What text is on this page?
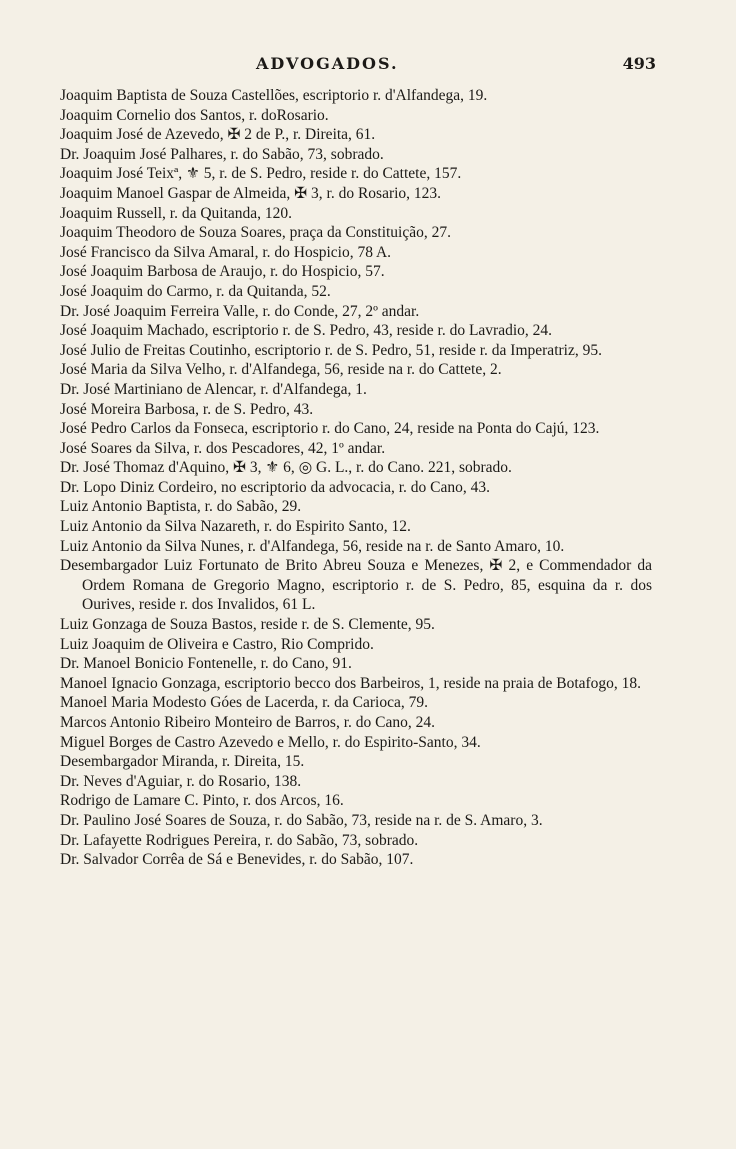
ADVOGADOS.	493
Joaquim Baptista de Souza Castellões, escriptorio r. d'Alfandega, 19.
Joaquim Cornelio dos Santos, r. doRosario.
Joaquim José de Azevedo, ✠ 2 de P., r. Direita, 61.
Dr. Joaquim José Palhares, r. do Sabão, 73, sobrado.
Joaquim José Teixª, ⚜ 5, r. de S. Pedro, reside r. do Cattete, 157.
Joaquim Manoel Gaspar de Almeida, ✠ 3, r. do Rosario, 123.
Joaquim Russell, r. da Quitanda, 120.
Joaquim Theodoro de Souza Soares, praça da Constituição, 27.
José Francisco da Silva Amaral, r. do Hospicio, 78 A.
José Joaquim Barbosa de Araujo, r. do Hospicio, 57.
José Joaquim do Carmo, r. da Quitanda, 52.
Dr. José Joaquim Ferreira Valle, r. do Conde, 27, 2º andar.
José Joaquim Machado, escriptorio r. de S. Pedro, 43, reside r. do Lavradio, 24.
José Julio de Freitas Coutinho, escriptorio r. de S. Pedro, 51, reside r. da Imperatriz, 95.
José Maria da Silva Velho, r. d'Alfandega, 56, reside na r. do Cattete, 2.
Dr. José Martiniano de Alencar, r. d'Alfandega, 1.
José Moreira Barbosa, r. de S. Pedro, 43.
José Pedro Carlos da Fonseca, escriptorio r. do Cano, 24, reside na Ponta do Cajú, 123.
José Soares da Silva, r. dos Pescadores, 42, 1º andar.
Dr. José Thomaz d'Aquino, ✠ 3, ⚜ 6, ◎ G. L., r. do Cano. 221, sobrado.
Dr. Lopo Diniz Cordeiro, no escriptorio da advocacia, r. do Cano, 43.
Luiz Antonio Baptista, r. do Sabão, 29.
Luiz Antonio da Silva Nazareth, r. do Espirito Santo, 12.
Luiz Antonio da Silva Nunes, r. d'Alfandega, 56, reside na r. de Santo Amaro, 10.
Desembargador Luiz Fortunato de Brito Abreu Souza e Menezes, ✠ 2, e Commendador da Ordem Romana de Gregorio Magno, escriptorio r. de S. Pedro, 85, esquina da r. dos Ourives, reside r. dos Invalidos, 61 L.
Luiz Gonzaga de Souza Bastos, reside r. de S. Clemente, 95.
Luiz Joaquim de Oliveira e Castro, Rio Comprido.
Dr. Manoel Bonicio Fontenelle, r. do Cano, 91.
Manoel Ignacio Gonzaga, escriptorio becco dos Barbeiros, 1, reside na praia de Botafogo, 18.
Manoel Maria Modesto Góes de Lacerda, r. da Carioca, 79.
Marcos Antonio Ribeiro Monteiro de Barros, r. do Cano, 24.
Miguel Borges de Castro Azevedo e Mello, r. do Espirito-Santo, 34.
Desembargador Miranda, r. Direita, 15.
Dr. Neves d'Aguiar, r. do Rosario, 138.
Rodrigo de Lamare C. Pinto, r. dos Arcos, 16.
Dr. Paulino José Soares de Souza, r. do Sabão, 73, reside na r. de S. Amaro, 3.
Dr. Lafayette Rodrigues Pereira, r. do Sabão, 73, sobrado.
Dr. Salvador Corrêa de Sá e Benevides, r. do Sabão, 107.
